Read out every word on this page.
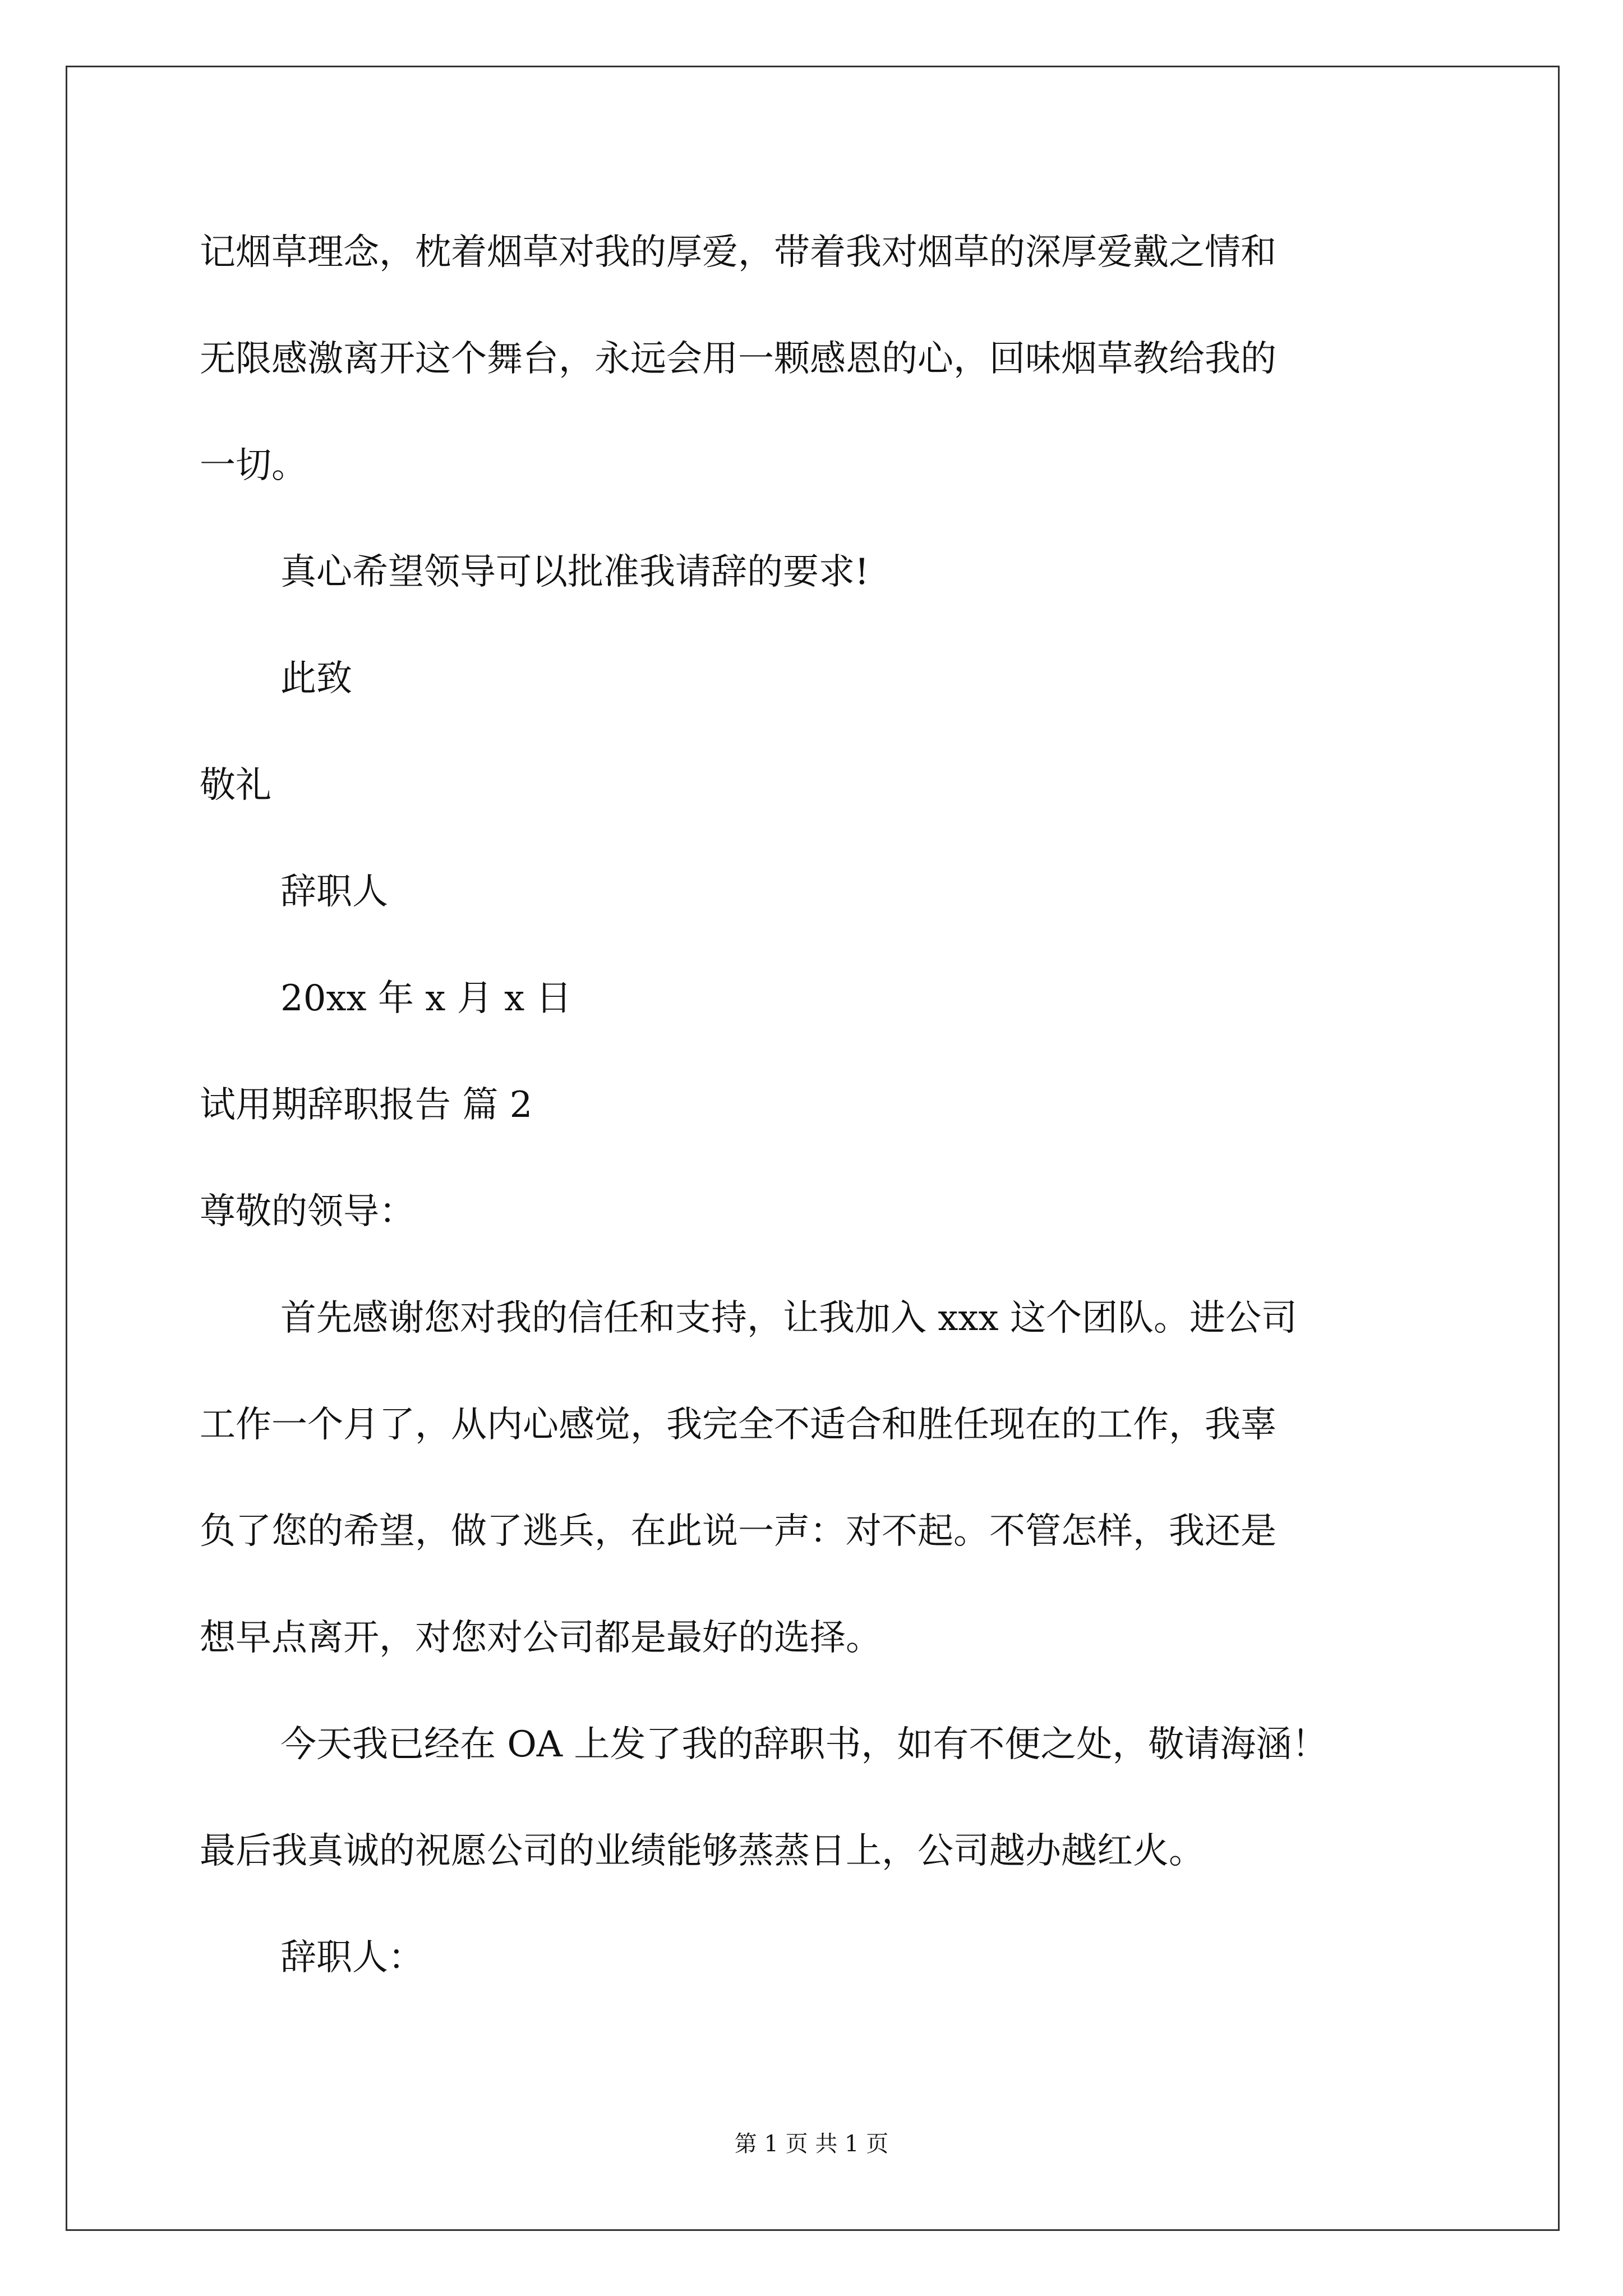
记烟草理念，枕着烟草对我的厚爱，带着我对烟草的深厚爱戴之情和
无限感激离开这个舞台，永远会用一颗感恩的心，回味烟草教给我的
一切。
真心希望领导可以批准我请辞的要求!
此致
敬礼
辞职人
20xx 年 x 月 x 日
试用期辞职报告 篇 2
尊敬的领导：
首先感谢您对我的信任和支持，让我加入 xxx 这个团队。进公司
工作一个月了，从内心感觉，我完全不适合和胜任现在的工作，我辜
负了您的希望，做了逃兵，在此说一声：对不起。不管怎样，我还是
想早点离开，对您对公司都是最好的选择。
今天我已经在 OA 上发了我的辞职书，如有不便之处，敬请海涵！
最后我真诚的祝愿公司的业绩能够蒸蒸日上，公司越办越红火。
辞职人：
第 1 页 共 1 页
